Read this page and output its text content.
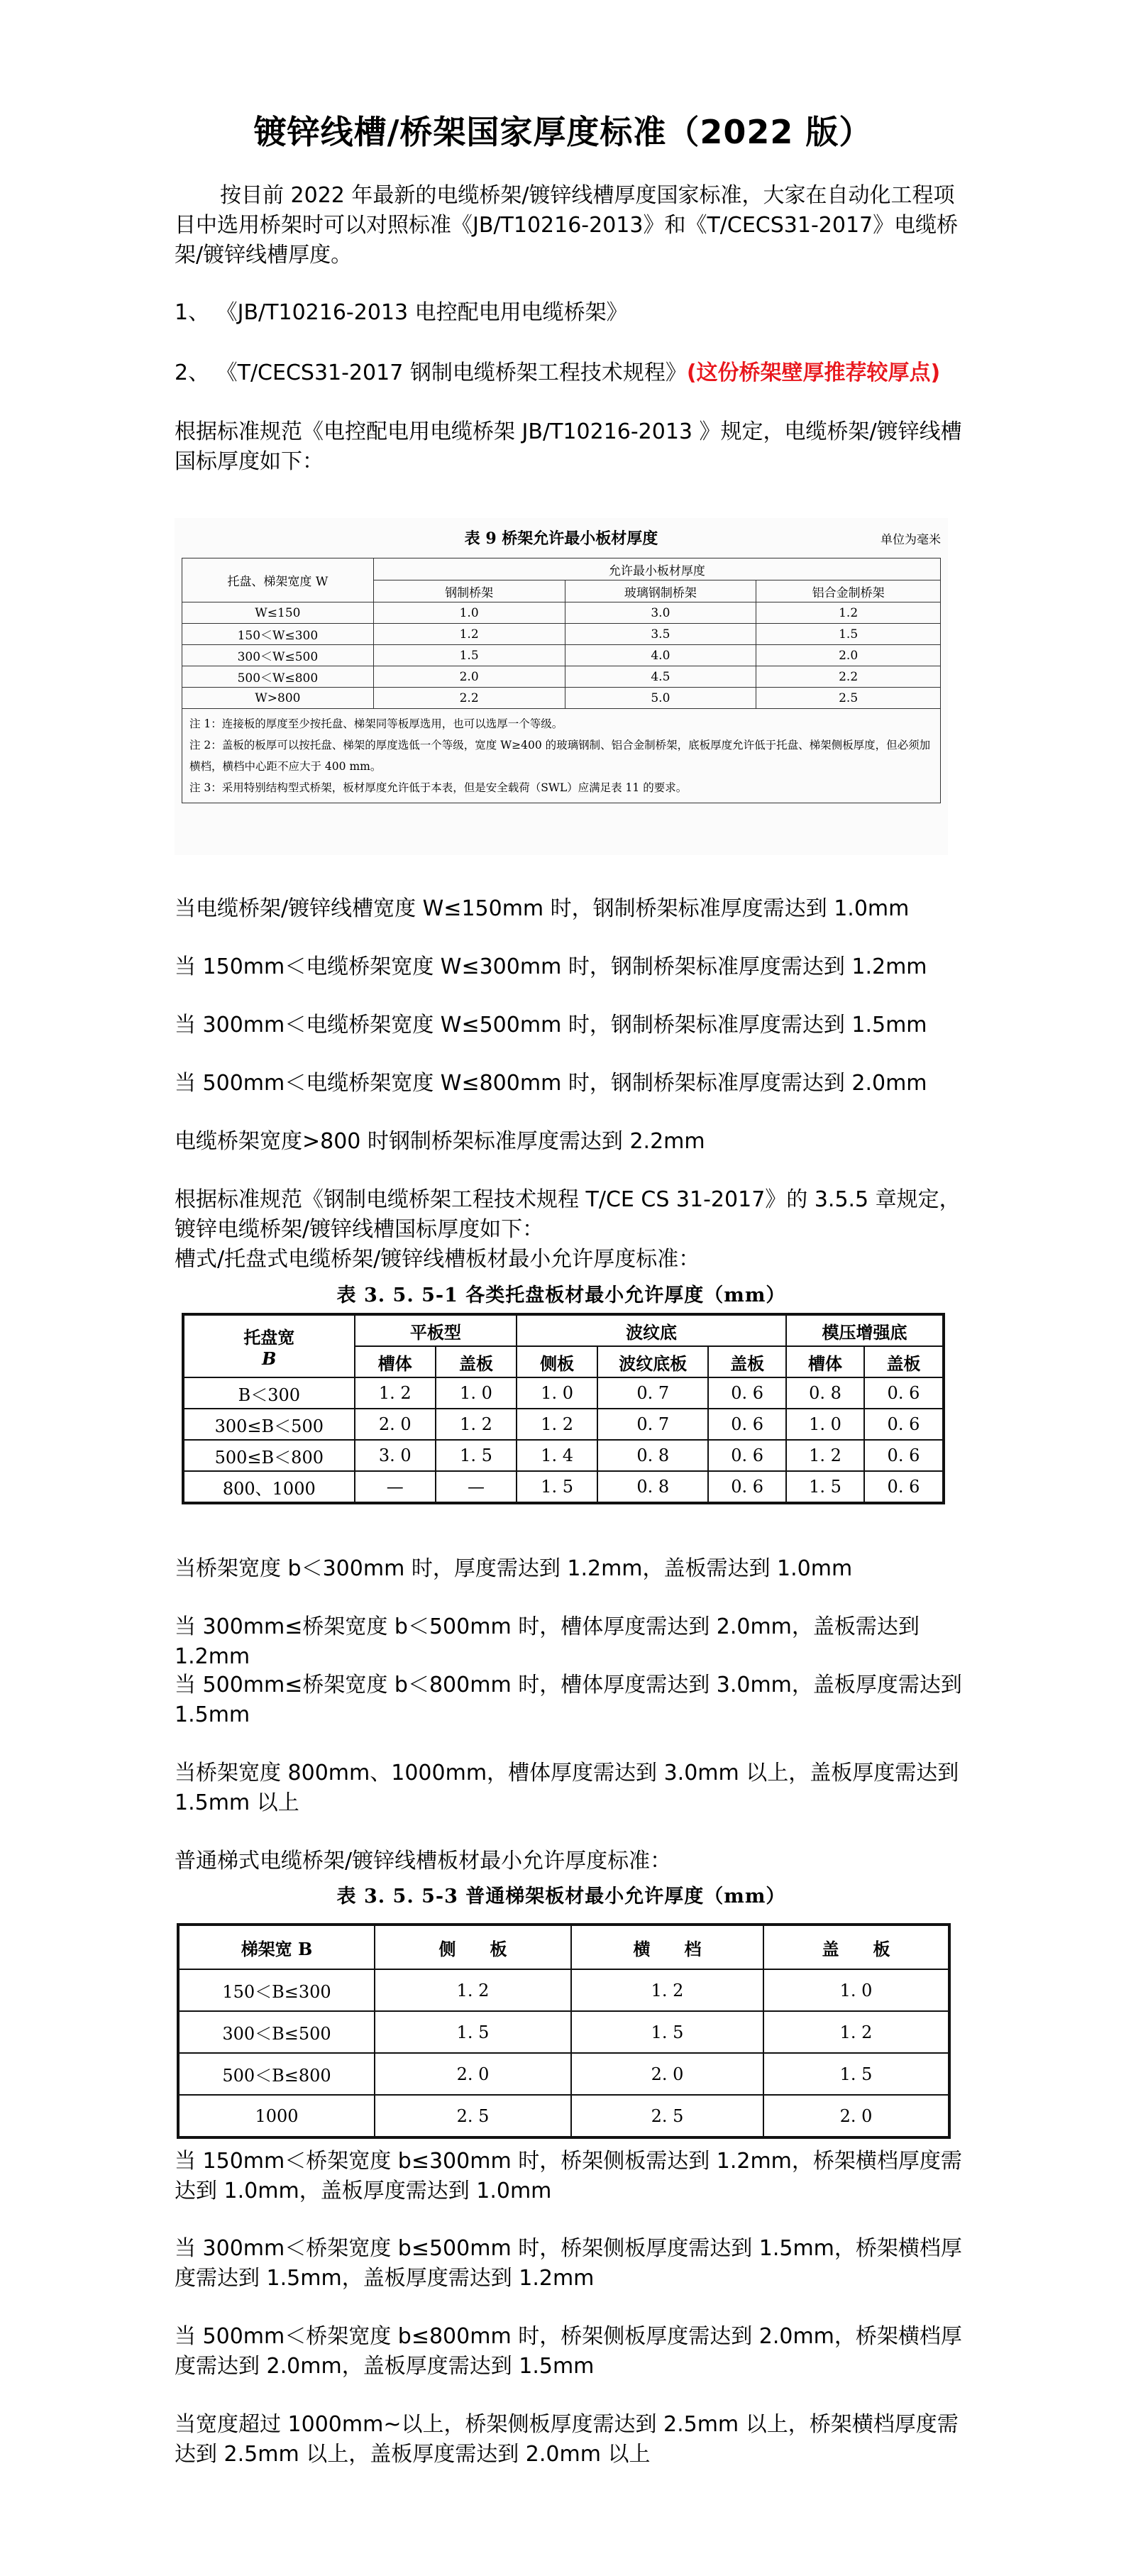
镀锌线槽/桥架国家厚度标准（2022 版）

按目前 2022 年最新的电缆桥架/镀锌线槽厚度国家标准，大家在自动化工程项目中选用桥架时可以对照标准《JB/T10216-2013》和《T/CECS31-2017》电缆桥架/镀锌线槽厚度。

1、 《JB/T10216-2013 电控配电用电缆桥架》

2、 《T/CECS31-2017 钢制电缆桥架工程技术规程》(这份桥架壁厚推荐较厚点)

根据标准规范《电控配电用电缆桥架 JB/T10216-2013 》规定，电缆桥架/镀锌线槽国标厚度如下：

表 9 桥架允许最小板材厚度	单位为毫米
托盘、梯架宽度 W	允许最小板材厚度		
	钢制桥架	玻璃钢制桥架	铝合金制桥架
W≤150	1.0	3.0	1.2
150＜W≤300	1.2	3.5	1.5
300＜W≤500	1.5	4.0	2.0
500＜W≤800	2.0	4.5	2.2
W>800	2.2	5.0	2.5

注 1：连接板的厚度至少按托盘、梯架同等板厚选用，也可以选厚一个等级。
注 2：盖板的板厚可以按托盘、梯架的厚度选低一个等级，宽度 W≥400 的玻璃钢制、铝合金制桥架，底板厚度允许低于托盘、梯架侧板厚度，但必须加横档，横档中心距不应大于 400 mm。
注 3：采用特别结构型式桥架，板材厚度允许低于本表，但是安全载荷（SWL）应满足表 11 的要求。			

当电缆桥架/镀锌线槽宽度 W≤150mm 时，钢制桥架标准厚度需达到 1.0mm

当 150mm＜电缆桥架宽度 W≤300mm 时，钢制桥架标准厚度需达到 1.2mm

当 300mm＜电缆桥架宽度 W≤500mm 时，钢制桥架标准厚度需达到 1.5mm

当 500mm＜电缆桥架宽度 W≤800mm 时，钢制桥架标准厚度需达到 2.0mm

电缆桥架宽度>800 时钢制桥架标准厚度需达到 2.2mm

根据标准规范《钢制电缆桥架工程技术规程 T/CE CS 31-2017》的 3.5.5 章规定，镀锌电缆桥架/镀锌线槽国标厚度如下：

槽式/托盘式电缆桥架/镀锌线槽板材最小允许厚度标准：

表 3. 5. 5-1 各类托盘板材最小允许厚度（mm）
托盘宽
B	平板型		波纹底			模压增强底	
	槽体	盖板	侧板	波纹底板	盖板	槽体	盖板
B＜300	1. 2	1. 0	1. 0	0. 7	0. 6	0. 8	0. 6
300≤B＜500	2. 0	1. 2	1. 2	0. 7	0. 6	1. 0	0. 6
500≤B＜800	3. 0	1. 5	1. 4	0. 8	0. 6	1. 2	0. 6
800、1000	—	—	1. 5	0. 8	0. 6	1. 5	0. 6

当桥架宽度 b＜300mm 时，厚度需达到 1.2mm，盖板需达到 1.0mm

当 300mm≤桥架宽度 b＜500mm 时，槽体厚度需达到 2.0mm，盖板需达到 1.2mm

当 500mm≤桥架宽度 b＜800mm 时，槽体厚度需达到 3.0mm，盖板厚度需达到 1.5mm

当桥架宽度 800mm、1000mm，槽体厚度需达到 3.0mm 以上，盖板厚度需达到 1.5mm 以上

普通梯式电缆桥架/镀锌线槽板材最小允许厚度标准：

表 3. 5. 5-3 普通梯架板材最小允许厚度（mm）
梯架宽 B	侧　　板	横　　档	盖　　板
150＜B≤300	1. 2	1. 2	1. 0
300＜B≤500	1. 5	1. 5	1. 2
500＜B≤800	2. 0	2. 0	1. 5
1000	2. 5	2. 5	2. 0

当 150mm＜桥架宽度 b≤300mm 时，桥架侧板需达到 1.2mm，桥架横档厚度需达到 1.0mm，盖板厚度需达到 1.0mm

当 300mm＜桥架宽度 b≤500mm 时，桥架侧板厚度需达到 1.5mm，桥架横档厚度需达到 1.5mm，盖板厚度需达到 1.2mm

当 500mm＜桥架宽度 b≤800mm 时，桥架侧板厚度需达到 2.0mm，桥架横档厚度需达到 2.0mm，盖板厚度需达到 1.5mm

当宽度超过 1000mm~以上，桥架侧板厚度需达到 2.5mm 以上，桥架横档厚度需达到 2.5mm 以上，盖板厚度需达到 2.0mm 以上
